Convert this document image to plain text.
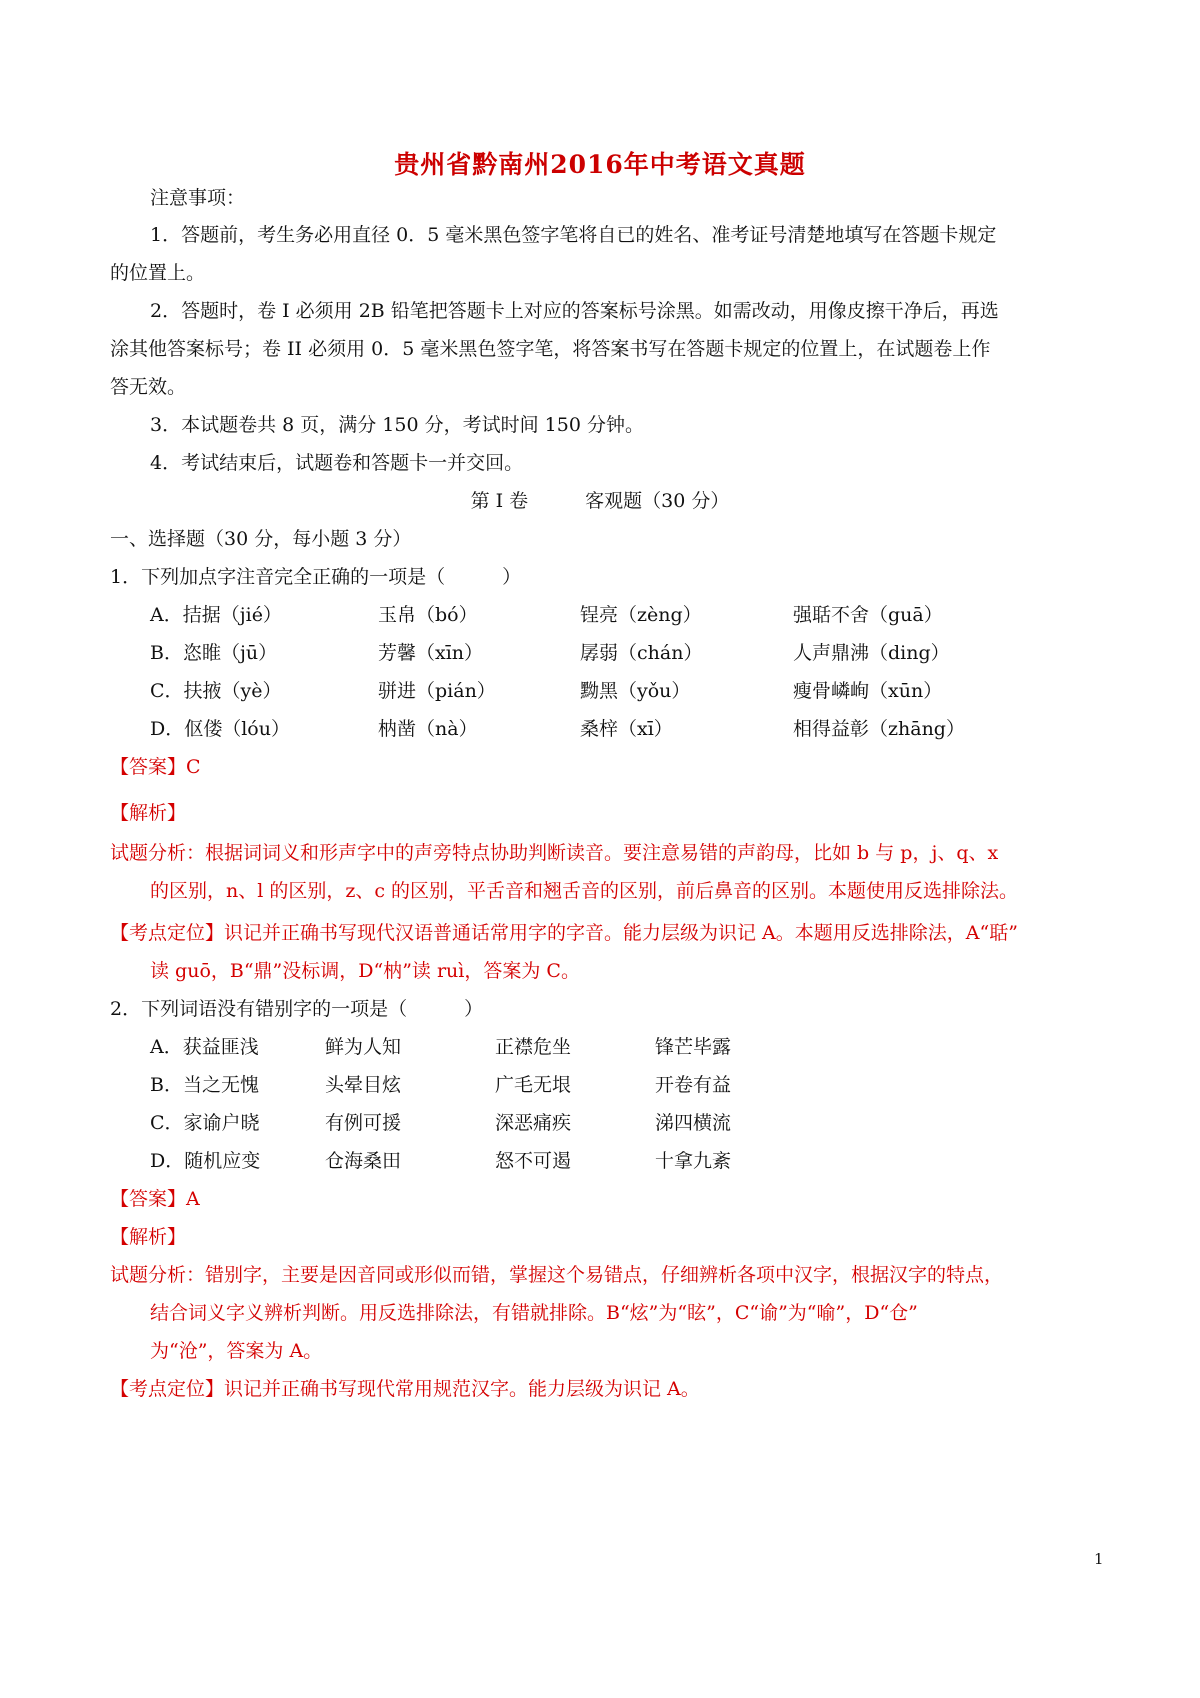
贵州省黔南州2016年中考语文真题
注意事项：
1．答题前，考生务必用直径 0．5 毫米黑色签字笔将自已的姓名、准考证号清楚地填写在答题卡规定
的位置上。
2．答题时，卷 I 必须用 2B 铅笔把答题卡上对应的答案标号涂黑。如需改动，用像皮擦干净后，再选
涂其他答案标号；卷 II 必须用 0．5 毫米黑色签字笔，将答案书写在答题卡规定的位置上，在试题卷上作
答无效。
3．本试题卷共 8 页，满分 150 分，考试时间 150 分钟。
4．考试结束后，试题卷和答题卡一并交回。
第 I 卷　　　客观题（30 分）
一、选择题（30 分，每小题 3 分）
1．下列加点字注音完全正确的一项是（　　　）
A．拮据（jié）	玉帛（bó）	锃亮（zèng）	强聒不舍（guā）
B．恣睢（jū）	芳馨（xīn）	孱弱（chán）	人声鼎沸（ding）
C．扶掖（yè）	骈进（pián）	黝黑（yǒu）	瘦骨嶙峋（xūn）
D．伛偻（lóu）	枘凿（nà）	桑梓（xī）	相得益彰（zhāng）
【答案】C
【解析】
试题分析：根据词词义和形声字中的声旁特点协助判断读音。要注意易错的声韵母，比如 b 与 p，j、q、x
的区别，n、l 的区别，z、c 的区别，平舌音和翘舌音的区别，前后鼻音的区别。本题使用反选排除法。
【考点定位】识记并正确书写现代汉语普通话常用字的字音。能力层级为识记 A。本题用反选排除法，A“聒”
读 guō，B“鼎”没标调，D“枘”读 ruì，答案为 C。
2．下列词语没有错别字的一项是（　　　）
A．获益匪浅	鲜为人知	正襟危坐	锋芒毕露
B．当之无愧	头晕目炫	广毛无垠	开卷有益
C．家谕户晓	有例可援	深恶痛疾	涕四横流
D．随机应变	仓海桑田	怒不可遏	十拿九紊
【答案】A
【解析】
试题分析：错别字，主要是因音同或形似而错，掌握这个易错点，仔细辨析各项中汉字，根据汉字的特点，
结合词义字义辨析判断。用反选排除法，有错就排除。B“炫”为“眩”，C“谕”为“喻”，D“仓”
为“沧”，答案为 A。
【考点定位】识记并正确书写现代常用规范汉字。能力层级为识记 A。
1
